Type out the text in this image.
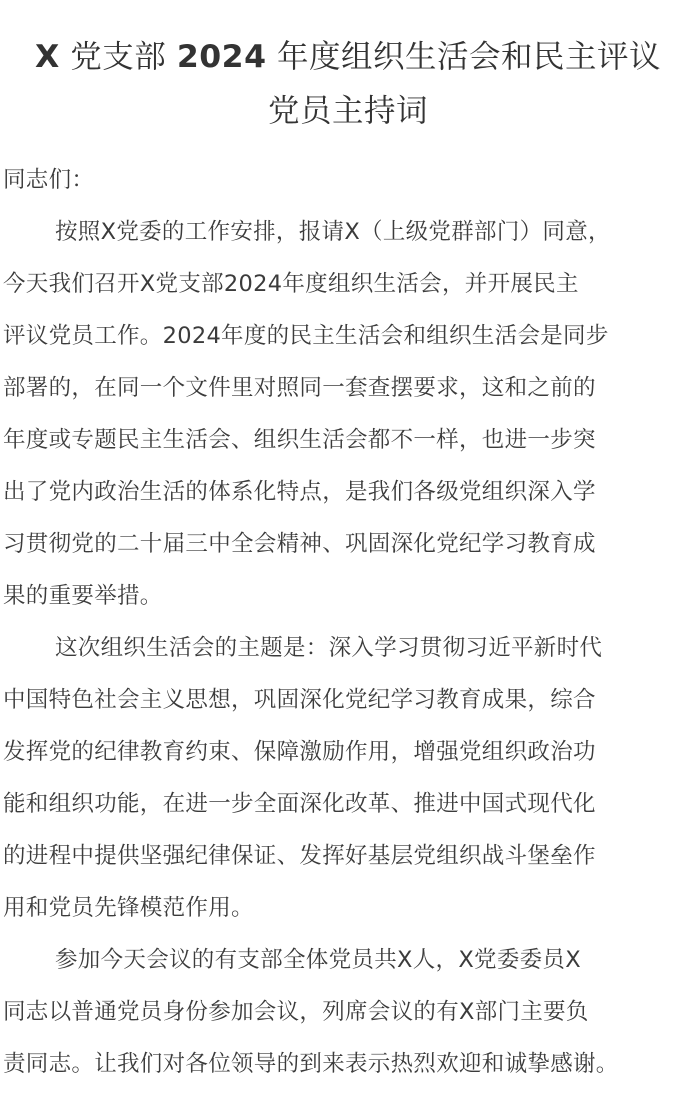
X 党支部 2024 年度组织生活会和民主评议
党员主持词
同志们：
按照X党委的工作安排，报请X（上级党群部门）同意，
今天我们召开X党支部2024年度组织生活会，并开展民主
评议党员工作。2024年度的民主生活会和组织生活会是同步
部署的，在同一个文件里对照同一套查摆要求，这和之前的
年度或专题民主生活会、组织生活会都不一样，也进一步突
出了党内政治生活的体系化特点，是我们各级党组织深入学
习贯彻党的二十届三中全会精神、巩固深化党纪学习教育成
果的重要举措。
这次组织生活会的主题是：深入学习贯彻习近平新时代
中国特色社会主义思想，巩固深化党纪学习教育成果，综合
发挥党的纪律教育约束、保障激励作用，增强党组织政治功
能和组织功能，在进一步全面深化改革、推进中国式现代化
的进程中提供坚强纪律保证、发挥好基层党组织战斗堡垒作
用和党员先锋模范作用。
参加今天会议的有支部全体党员共X人，X党委委员X
同志以普通党员身份参加会议，列席会议的有X部门主要负
责同志。让我们对各位领导的到来表示热烈欢迎和诚挚感谢。
